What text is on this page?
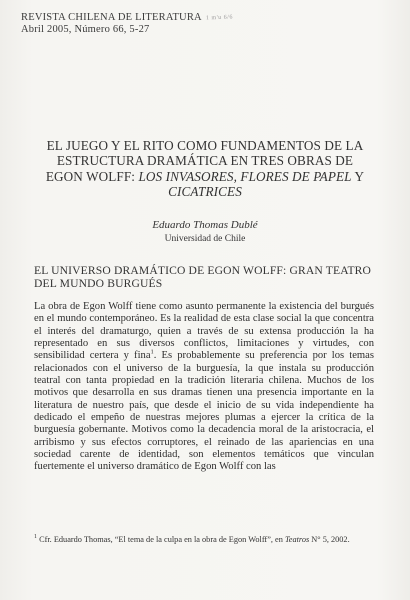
REVISTA CHILENA DE LITERATURA
Abril 2005, Número 66, 5-27
1 m'u 6/6
EL JUEGO Y EL RITO COMO FUNDAMENTOS DE LA
ESTRUCTURA DRAMÁTICA EN TRES OBRAS DE
EGON WOLFF: LOS INVASORES, FLORES DE PAPEL Y
CICATRICES
Eduardo Thomas Dublé
Universidad de Chile
EL UNIVERSO DRAMÁTICO DE EGON WOLFF: GRAN TEATRO
DEL MUNDO BURGUÉS
La obra de Egon Wolff tiene como asunto permanente la existencia del burgués en el mundo contemporáneo. Es la realidad de esta clase social la que concentra el interés del dramaturgo, quien a través de su extensa producción la ha representado en sus diversos conflictos, limitaciones y virtudes, con sensibilidad certera y fina$^1$. Es probablemente su preferencia por los temas relacionados con el universo de la burguesía, la que instala su producción teatral con tanta propiedad en la tradición literaria chilena. Muchos de los motivos que desarrolla en sus dramas tienen una presencia importante en la literatura de nuestro país, que desde el inicio de su vida independiente ha dedicado el empeño de nuestras mejores plumas a ejercer la crítica de la burguesía gobernante. Motivos como la decadencia moral de la aristocracia, el arribismo y sus efectos corruptores, el reinado de las apariencias en una sociedad carente de identidad, son elementos temáticos que vinculan fuertemente el universo dramático de Egon Wolff con las
$^1$ Cfr. Eduardo Thomas, “El tema de la culpa en la obra de Egon Wolff”, en Teatros N° 5, 2002.
